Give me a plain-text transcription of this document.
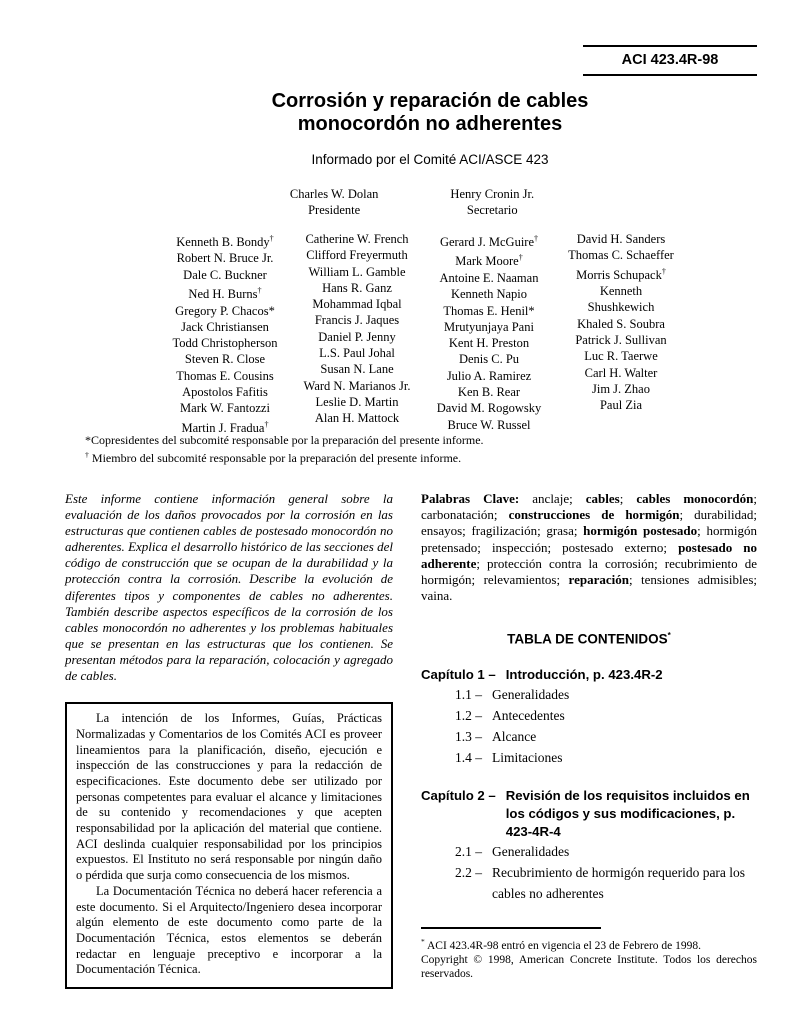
ACI 423.4R-98
Corrosión y reparación de cables
monocordón no adherentes
Informado por el Comité ACI/ASCE 423
Charles W. Dolan
Presidente
Henry Cronin Jr.
Secretario
Kenneth B. Bondy†
Robert N. Bruce Jr.
Dale C. Buckner
Ned H. Burns†
Gregory P. Chacos*
Jack Christiansen
Todd Christopherson
Steven R. Close
Thomas E. Cousins
Apostolos Fafitis
Mark W. Fantozzi
Martin J. Fradua†
Catherine W. French
Clifford Freyermuth
William L. Gamble
Hans R. Ganz
Mohammad Iqbal
Francis J. Jaques
Daniel P. Jenny
L.S. Paul Johal
Susan N. Lane
Ward N. Marianos Jr.
Leslie D. Martin
Alan H. Mattock
Gerard J. McGuire†
Mark Moore†
Antoine E. Naaman
Kenneth Napio
Thomas E. Henil*
Mrutyunjaya Pani
Kent H. Preston
Denis C. Pu
Julio A. Ramirez
Ken B. Rear
David M. Rogowsky
Bruce W. Russel
David H. Sanders
Thomas C. Schaeffer
Morris Schupack†
Kenneth
Shushkewich
Khaled S. Soubra
Patrick J. Sullivan
Luc R. Taerwe
Carl H. Walter
Jim J. Zhao
Paul Zia
*Copresidentes del subcomité responsable por la preparación del presente informe.
† Miembro del subcomité responsable por la preparación del presente informe.

Este informe contiene información general sobre la evaluación de los daños provocados por la corrosión en las estructuras que contienen cables de postesado monocordón no adherentes. Explica el desarrollo histórico de las secciones del código de construcción que se ocupan de la durabilidad y la protección contra la corrosión. Describe la evolución de diferentes tipos y componentes de cables no adherentes. También describe aspectos específicos de la corrosión de los cables monocordón no adherentes y los problemas habituales que se presentan en las estructuras que los contienen. Se presentan métodos para la reparación, colocación y agregado de cables.

La intención de los Informes, Guías, Prácticas Normalizadas y Comentarios de los Comités ACI es proveer lineamientos para la planificación, diseño, ejecución e inspección de las construcciones y para la redacción de especificaciones. Este documento debe ser utilizado por personas competentes para evaluar el alcance y limitaciones de su contenido y recomendaciones y que acepten responsabilidad por la aplicación del material que contiene. ACI deslinda cualquier responsabilidad por los principios expuestos. El Instituto no será responsable por ningún daño o pérdida que surja como consecuencia de los mismos.

La Documentación Técnica no deberá hacer referencia a este documento. Si el Arquitecto/Ingeniero desea incorporar algún elemento de este documento como parte de la Documentación Técnica, estos elementos se deberán redactar en lenguaje preceptivo e incorporar a la Documentación Técnica.

Palabras Clave: anclaje; cables; cables monocordón; carbonatación; construcciones de hormigón; durabilidad; ensayos; fragilización; grasa; hormigón postesado; hormigón pretensado; inspección; postesado externo; postesado no adherente; protección contra la corrosión; recubrimiento de hormigón; relevamientos; reparación; tensiones admisibles; vaina.

TABLA DE CONTENIDOS*
Capítulo 1 – Introducción, p. 423.4R-2
1.1 – Generalidades
1.2 – Antecedentes
1.3 – Alcance
1.4 – Limitaciones
Capítulo 2 – Revisión de los requisitos incluidos en los códigos y sus modificaciones, p. 423-4R-4
2.1 – Generalidades
2.2 – Recubrimiento de hormigón requerido para los cables no adherentes
* ACI 423.4R-98 entró en vigencia el 23 de Febrero de 1998.
Copyright © 1998, American Concrete Institute. Todos los derechos reservados.
